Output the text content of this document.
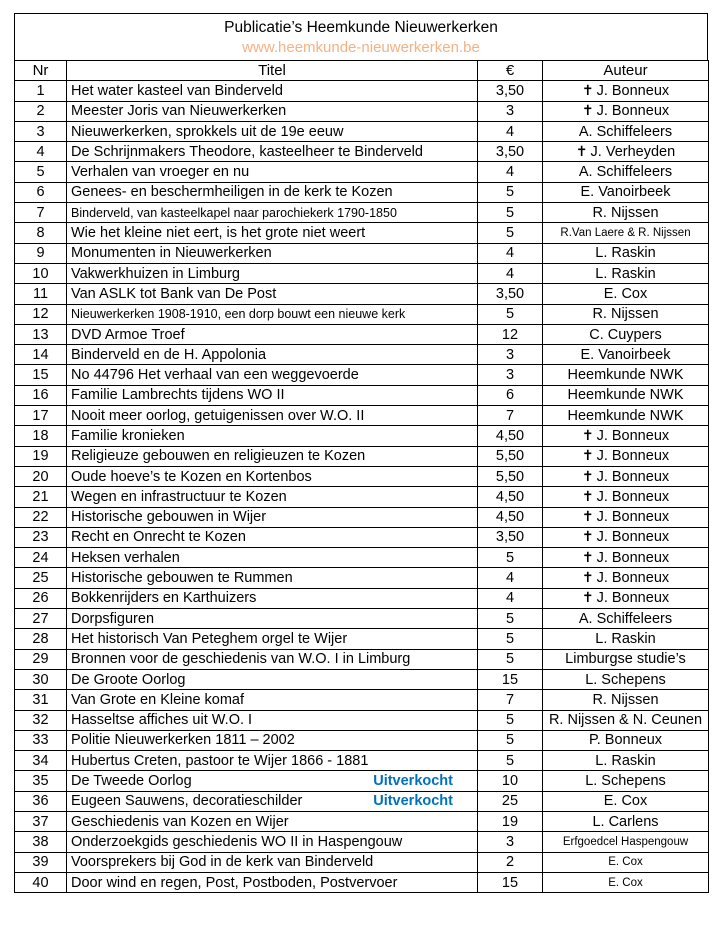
Publicatie’s Heemkunde Nieuwerkerken
www.heemkunde-nieuwerkerken.be
Nr	Titel	€	Auteur
1	Het water kasteel van Binderveld	3,50	✝ J. Bonneux
2	Meester Joris van Nieuwerkerken	3	✝ J. Bonneux
3	Nieuwerkerken, sprokkels uit de 19e eeuw	4	A. Schiffeleers
4	De Schrijnmakers Theodore, kasteelheer te Binderveld	3,50	✝ J. Verheyden
5	Verhalen van vroeger en nu	4	A. Schiffeleers
6	Genees- en beschermheiligen in de kerk te Kozen	5	E. Vanoirbeek
7	Binderveld, van kasteelkapel naar parochiekerk 1790-1850	5	R. Nijssen
8	Wie het kleine niet eert, is het grote niet weert	5	R.Van Laere & R. Nijssen
9	Monumenten in Nieuwerkerken	4	L. Raskin
10	Vakwerkhuizen in Limburg	4	L. Raskin
11	Van ASLK tot Bank van De Post	3,50	E. Cox
12	Nieuwerkerken 1908-1910, een dorp bouwt een nieuwe kerk	5	R. Nijssen
13	DVD Armoe Troef	12	C. Cuypers
14	Binderveld en de H. Appolonia	3	E. Vanoirbeek
15	No 44796 Het verhaal van een weggevoerde	3	Heemkunde NWK
16	Familie Lambrechts tijdens WO II	6	Heemkunde NWK
17	Nooit meer oorlog, getuigenissen over W.O. II	7	Heemkunde NWK
18	Familie kronieken	4,50	✝ J. Bonneux
19	Religieuze gebouwen en religieuzen te Kozen	5,50	✝ J. Bonneux
20	Oude hoeve’s te Kozen en Kortenbos	5,50	✝ J. Bonneux
21	Wegen en infrastructuur te Kozen	4,50	✝ J. Bonneux
22	Historische gebouwen in Wijer	4,50	✝ J. Bonneux
23	Recht en Onrecht te Kozen	3,50	✝ J. Bonneux
24	Heksen verhalen	5	✝ J. Bonneux
25	Historische gebouwen te Rummen	4	✝ J. Bonneux
26	Bokkenrijders en Karthuizers	4	✝ J. Bonneux
27	Dorpsfiguren	5	A. Schiffeleers
28	Het historisch Van Peteghem orgel te Wijer	5	L. Raskin
29	Bronnen voor de geschiedenis van W.O. I in Limburg	5	Limburgse studie’s
30	De Groote Oorlog	15	L. Schepens
31	Van Grote en Kleine komaf	7	R. Nijssen
32	Hasseltse affiches uit W.O. I	5	R. Nijssen & N. Ceunen
33	Politie Nieuwerkerken 1811 – 2002	5	P. Bonneux
34	Hubertus Creten, pastoor te Wijer 1866 - 1881	5	L. Raskin
35	De Tweede Oorlog Uitverkocht	10	L. Schepens
36	Eugeen Sauwens, decoratieschilder Uitverkocht	25	E. Cox
37	Geschiedenis van Kozen en Wijer	19	L. Carlens
38	Onderzoekgids geschiedenis WO II in Haspengouw	3	Erfgoedcel Haspengouw
39	Voorsprekers bij God in de kerk van Binderveld	2	E. Cox
40	Door wind en regen, Post, Postboden, Postvervoer	15	E. Cox
